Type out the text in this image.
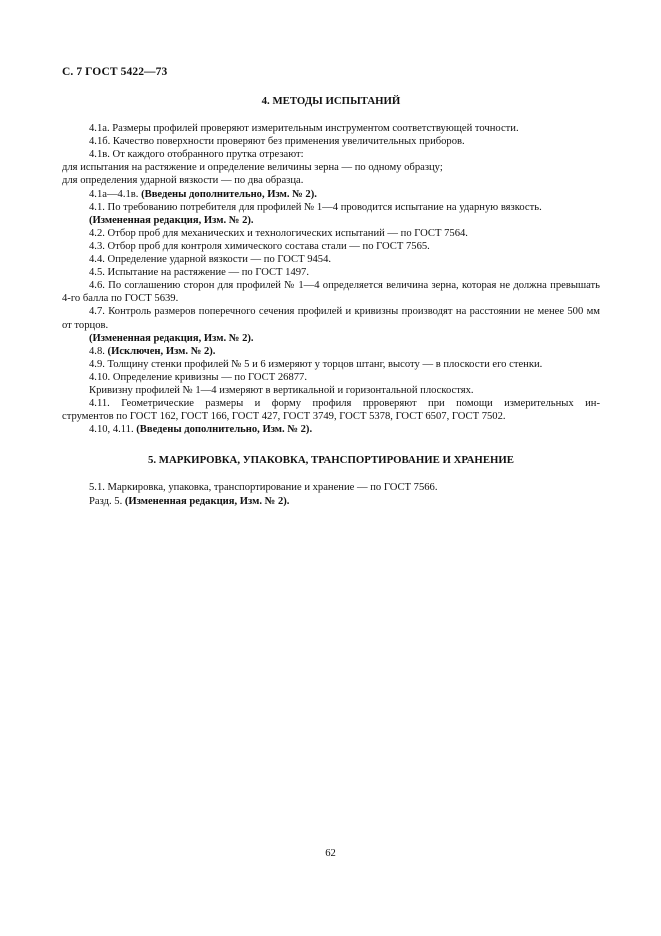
С. 7 ГОСТ 5422—73
4. МЕТОДЫ ИСПЫТАНИЙ

4.1а. Размеры профилей проверяют измерительным инструментом соответствующей точности.

4.1б. Качество поверхности проверяют без применения увеличительных приборов.

4.1в. От каждого отобранного прутка отрезают:

для испытания на растяжение и определение величины зерна — по одному образцу;

для определения ударной вязкости — по два образца.

4.1а—4.1в. (Введены дополнительно, Изм. № 2).

4.1. По требованию потребителя для профилей № 1—4 проводится испытание на ударную вязкость.

(Измененная редакция, Изм. № 2).

4.2. Отбор проб для механических и технологических испытаний — по ГОСТ 7564.

4.3. Отбор проб для контроля химического состава стали — по ГОСТ 7565.

4.4. Определение ударной вязкости — по ГОСТ 9454.

4.5. Испытание на растяжение — по ГОСТ 1497.

4.6. По соглашению сторон для профилей № 1—4 определяется величина зерна, которая не должна превышать 4-го балла по ГОСТ 5639.

4.7. Контроль размеров поперечного сечения профилей и кривизны производят на расстоянии не менее 500 мм от торцов.

(Измененная редакция, Изм. № 2).

4.8. (Исключен, Изм. № 2).

4.9. Толщину стенки профилей № 5 и 6 измеряют у торцов штанг, высоту — в плоскости его стенки.

4.10. Определение кривизны — по ГОСТ 26877.

Кривизну профилей № 1—4 измеряют в вертикальной и горизонтальной плоскостях.

4.11. Геометрические размеры и форму профиля прроверяют при помощи измерительных ин-

струментов по ГОСТ 162, ГОСТ 166, ГОСТ 427, ГОСТ 3749, ГОСТ 5378, ГОСТ 6507, ГОСТ 7502.

4.10, 4.11. (Введены дополнительно, Изм. № 2).

5. МАРКИРОВКА, УПАКОВКА, ТРАНСПОРТИРОВАНИЕ И ХРАНЕНИЕ

5.1. Маркировка, упаковка, транспортирование и хранение — по ГОСТ 7566.

Разд. 5. (Измененная редакция, Изм. № 2).

62
